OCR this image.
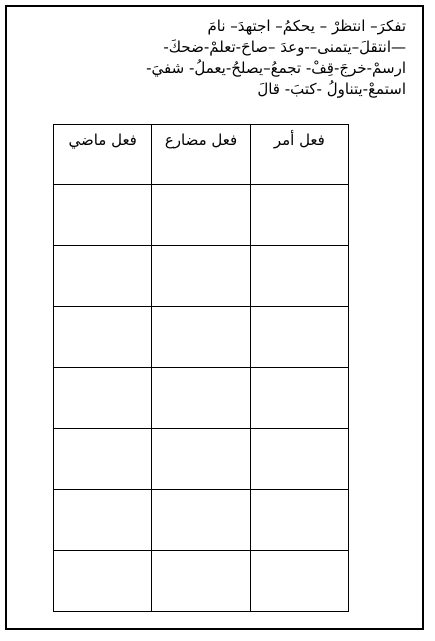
تفكرَ– انتظرْ – يحكمُ– اجتهدَ– نامَ
—انتقلَ–يتمنى–-وعدَ –صاحَ-تعلمْ-ضحكَ-
ارسمْ-خرجَ-قِفْ- تجمعُ–يصلحُ-يعملُ- شفيَ-
استمعْ-يتناولُ -كتبَ- قالَ
فعل أمر	فعل مضارع	فعل ماضي
